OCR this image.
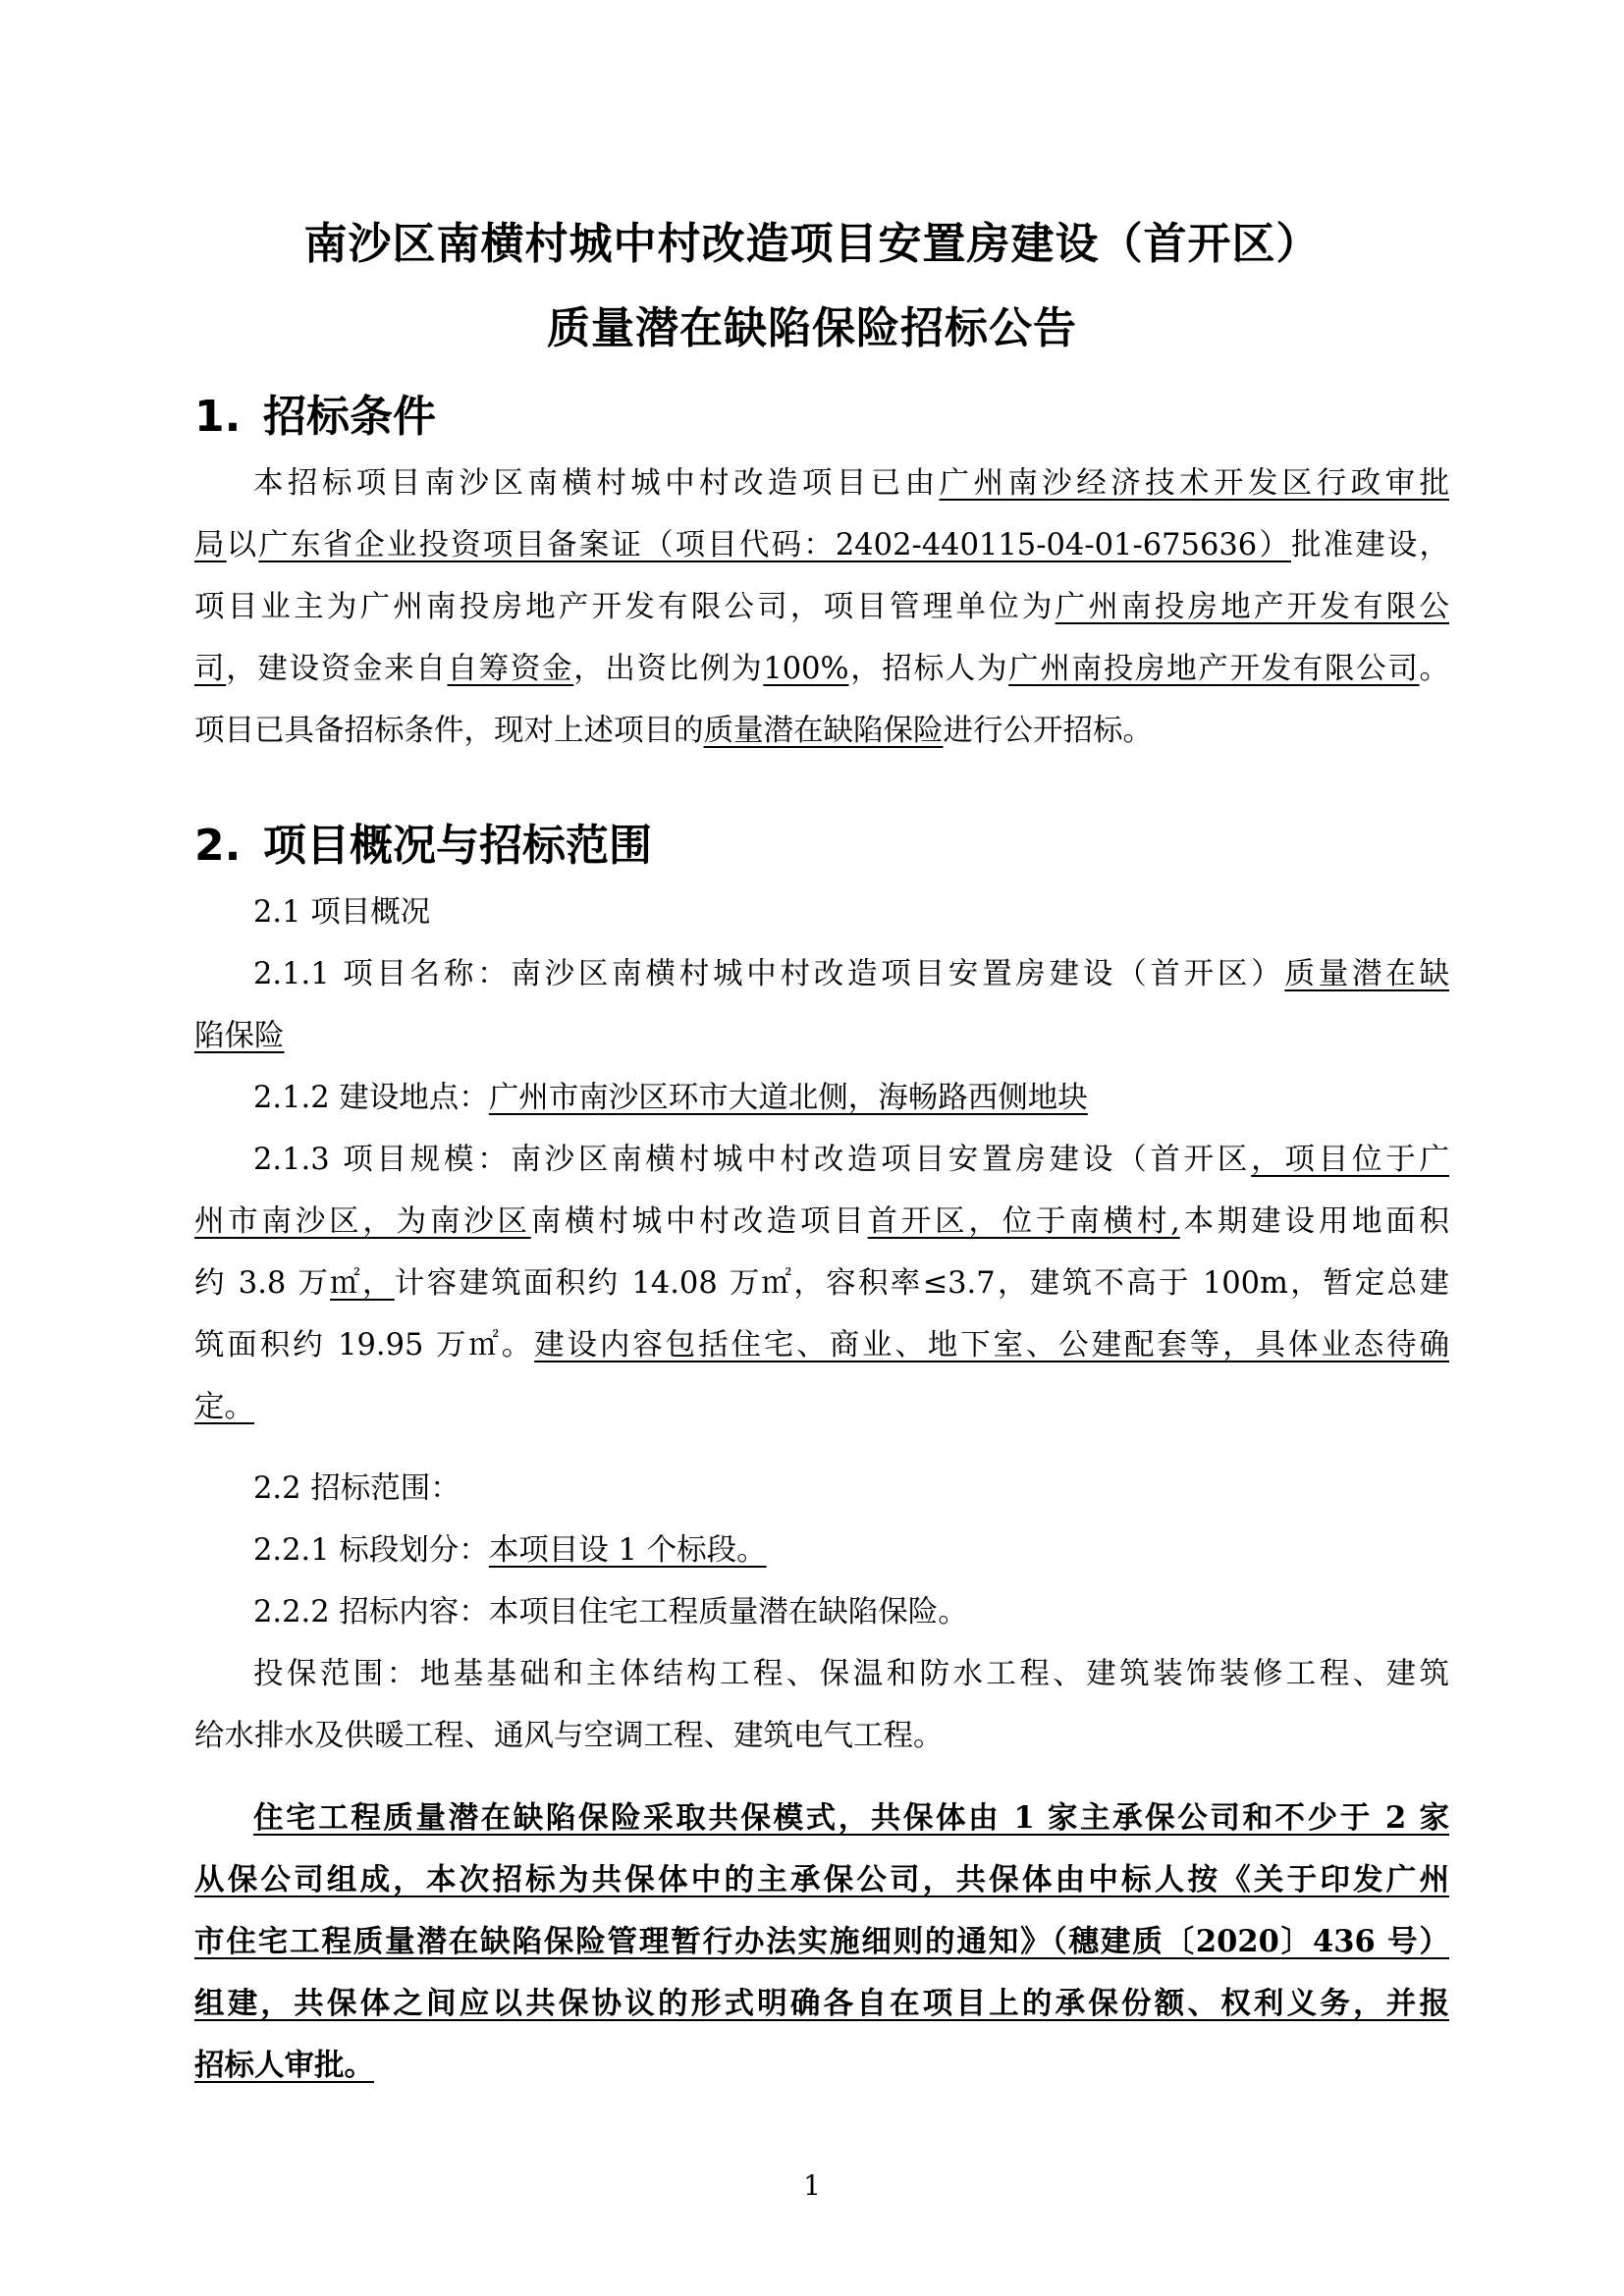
南沙区南横村城中村改造项目安置房建设（首开区）
质量潜在缺陷保险招标公告
1. 招标条件
本招标项目南沙区南横村城中村改造项目已由广州南沙经济技术开发区行政审批
局以广东省企业投资项目备案证（项目代码：2402-440115-04-01-675636）批准建设，
项目业主为广州南投房地产开发有限公司，项目管理单位为广州南投房地产开发有限公
司，建设资金来自自筹资金，出资比例为100%，招标人为广州南投房地产开发有限公司。
项目已具备招标条件，现对上述项目的质量潜在缺陷保险进行公开招标。
2. 项目概况与招标范围
2.1 项目概况
2.1.1 项目名称：南沙区南横村城中村改造项目安置房建设（首开区）质量潜在缺
陷保险
2.1.2 建设地点：广州市南沙区环市大道北侧，海畅路西侧地块
2.1.3 项目规模：南沙区南横村城中村改造项目安置房建设（首开区，项目位于广
州市南沙区，为南沙区南横村城中村改造项目首开区，位于南横村,本期建设用地面积
约 3.8 万㎡，计容建筑面积约 14.08 万㎡，容积率≤3.7，建筑不高于 100m，暂定总建
筑面积约 19.95 万㎡。建设内容包括住宅、商业、地下室、公建配套等，具体业态待确
定。
2.2 招标范围：
2.2.1 标段划分：本项目设 1 个标段。
2.2.2 招标内容：本项目住宅工程质量潜在缺陷保险。
投保范围：地基基础和主体结构工程、保温和防水工程、建筑装饰装修工程、建筑
给水排水及供暖工程、通风与空调工程、建筑电气工程。
住宅工程质量潜在缺陷保险采取共保模式，共保体由 1 家主承保公司和不少于 2 家
从保公司组成，本次招标为共保体中的主承保公司，共保体由中标人按《关于印发广州
市住宅工程质量潜在缺陷保险管理暂行办法实施细则的通知》（穗建质〔2020〕436 号）
组建，共保体之间应以共保协议的形式明确各自在项目上的承保份额、权利义务，并报
招标人审批。
1
